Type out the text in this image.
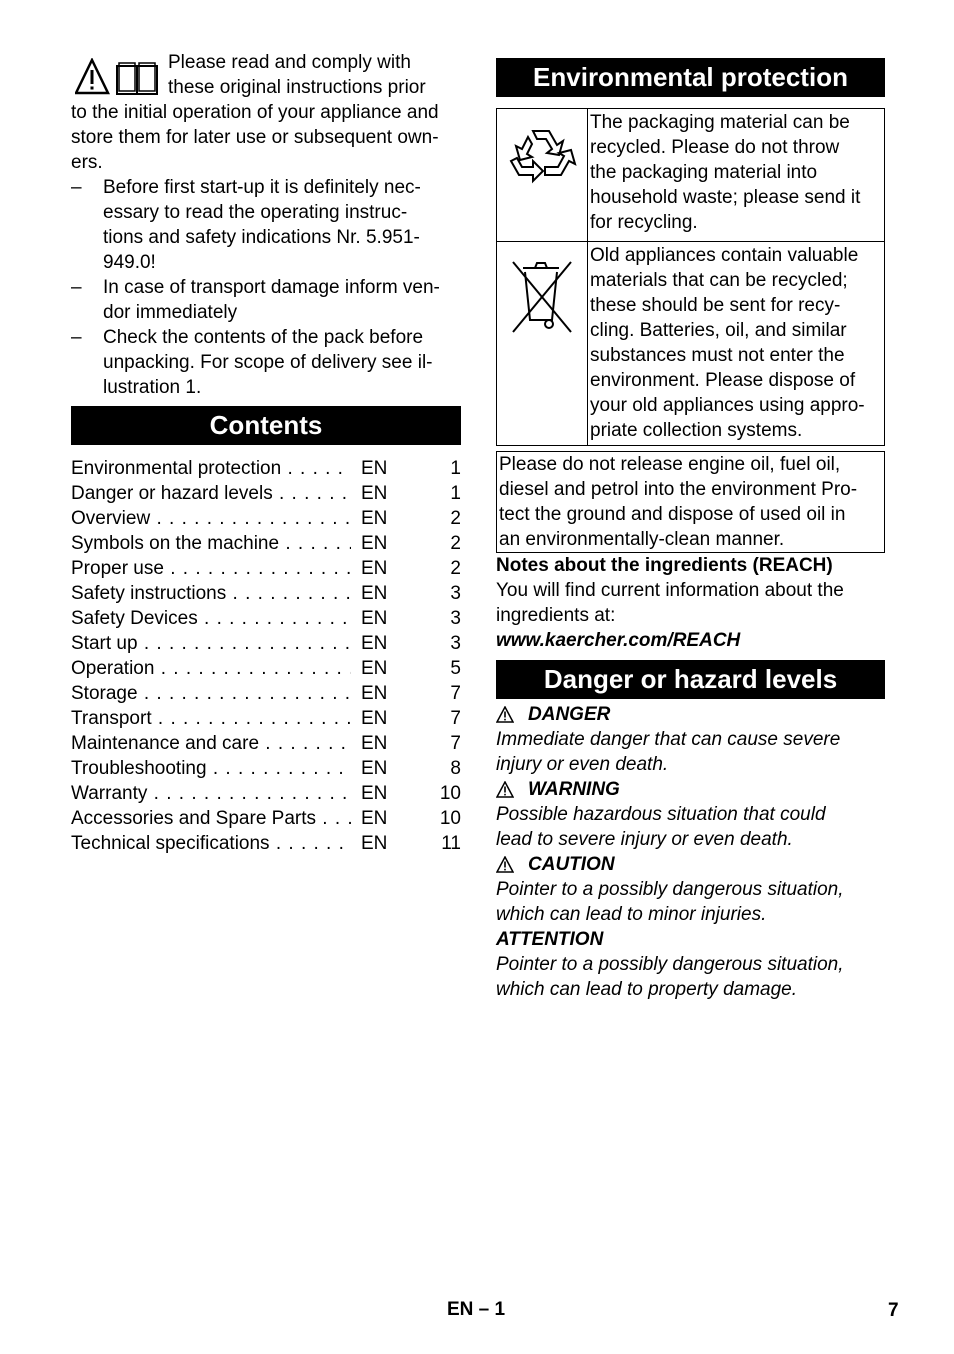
Please read and comply with
these original instructions prior
to the initial operation of your appliance and
store them for later use or subsequent own-
ers.
–	Before first start-up it is definitely nec-
essary to read the operating instruc-
tions and safety indications Nr. 5.951-
949.0!
–	In case of transport damage inform ven-
dor immediately
–	Check the contents of the pack before
unpacking. For scope of delivery see il-
lustration 1.
Contents
Environmental protection . . .	EN	1
Danger or hazard levels . . .	EN	1
Overview . . .	EN	2
Symbols on the machine . . .	EN	2
Proper use . . .	EN	2
Safety instructions . . .	EN	3
Safety Devices . . .	EN	3
Start up . . .	EN	3
Operation . . .	EN	5
Storage . . .	EN	7
Transport . . .	EN	7
Maintenance and care . . .	EN	7
Troubleshooting . . .	EN	8
Warranty . . .	EN	10
Accessories and Spare Parts . . .	EN	10
Technical specifications . . .	EN	11
Environmental protection
The packaging material can be
recycled. Please do not throw
the packaging material into
household waste; please send it
for recycling.
Old appliances contain valuable
materials that can be recycled;
these should be sent for recy-
cling. Batteries, oil, and similar
substances must not enter the
environment. Please dispose of
your old appliances using appro-
priate collection systems.
Please do not release engine oil, fuel oil,
diesel and petrol into the environment Pro-
tect the ground and dispose of used oil in
an environmentally-clean manner.
Notes about the ingredients (REACH)
You will find current information about the
ingredients at:
www.kaercher.com/REACH
Danger or hazard levels
DANGER
Immediate danger that can cause severe
injury or even death.
WARNING
Possible hazardous situation that could
lead to severe injury or even death.
CAUTION
Pointer to a possibly dangerous situation,
which can lead to minor injuries.
ATTENTION
Pointer to a possibly dangerous situation,
which can lead to property damage.
EN – 1	7
